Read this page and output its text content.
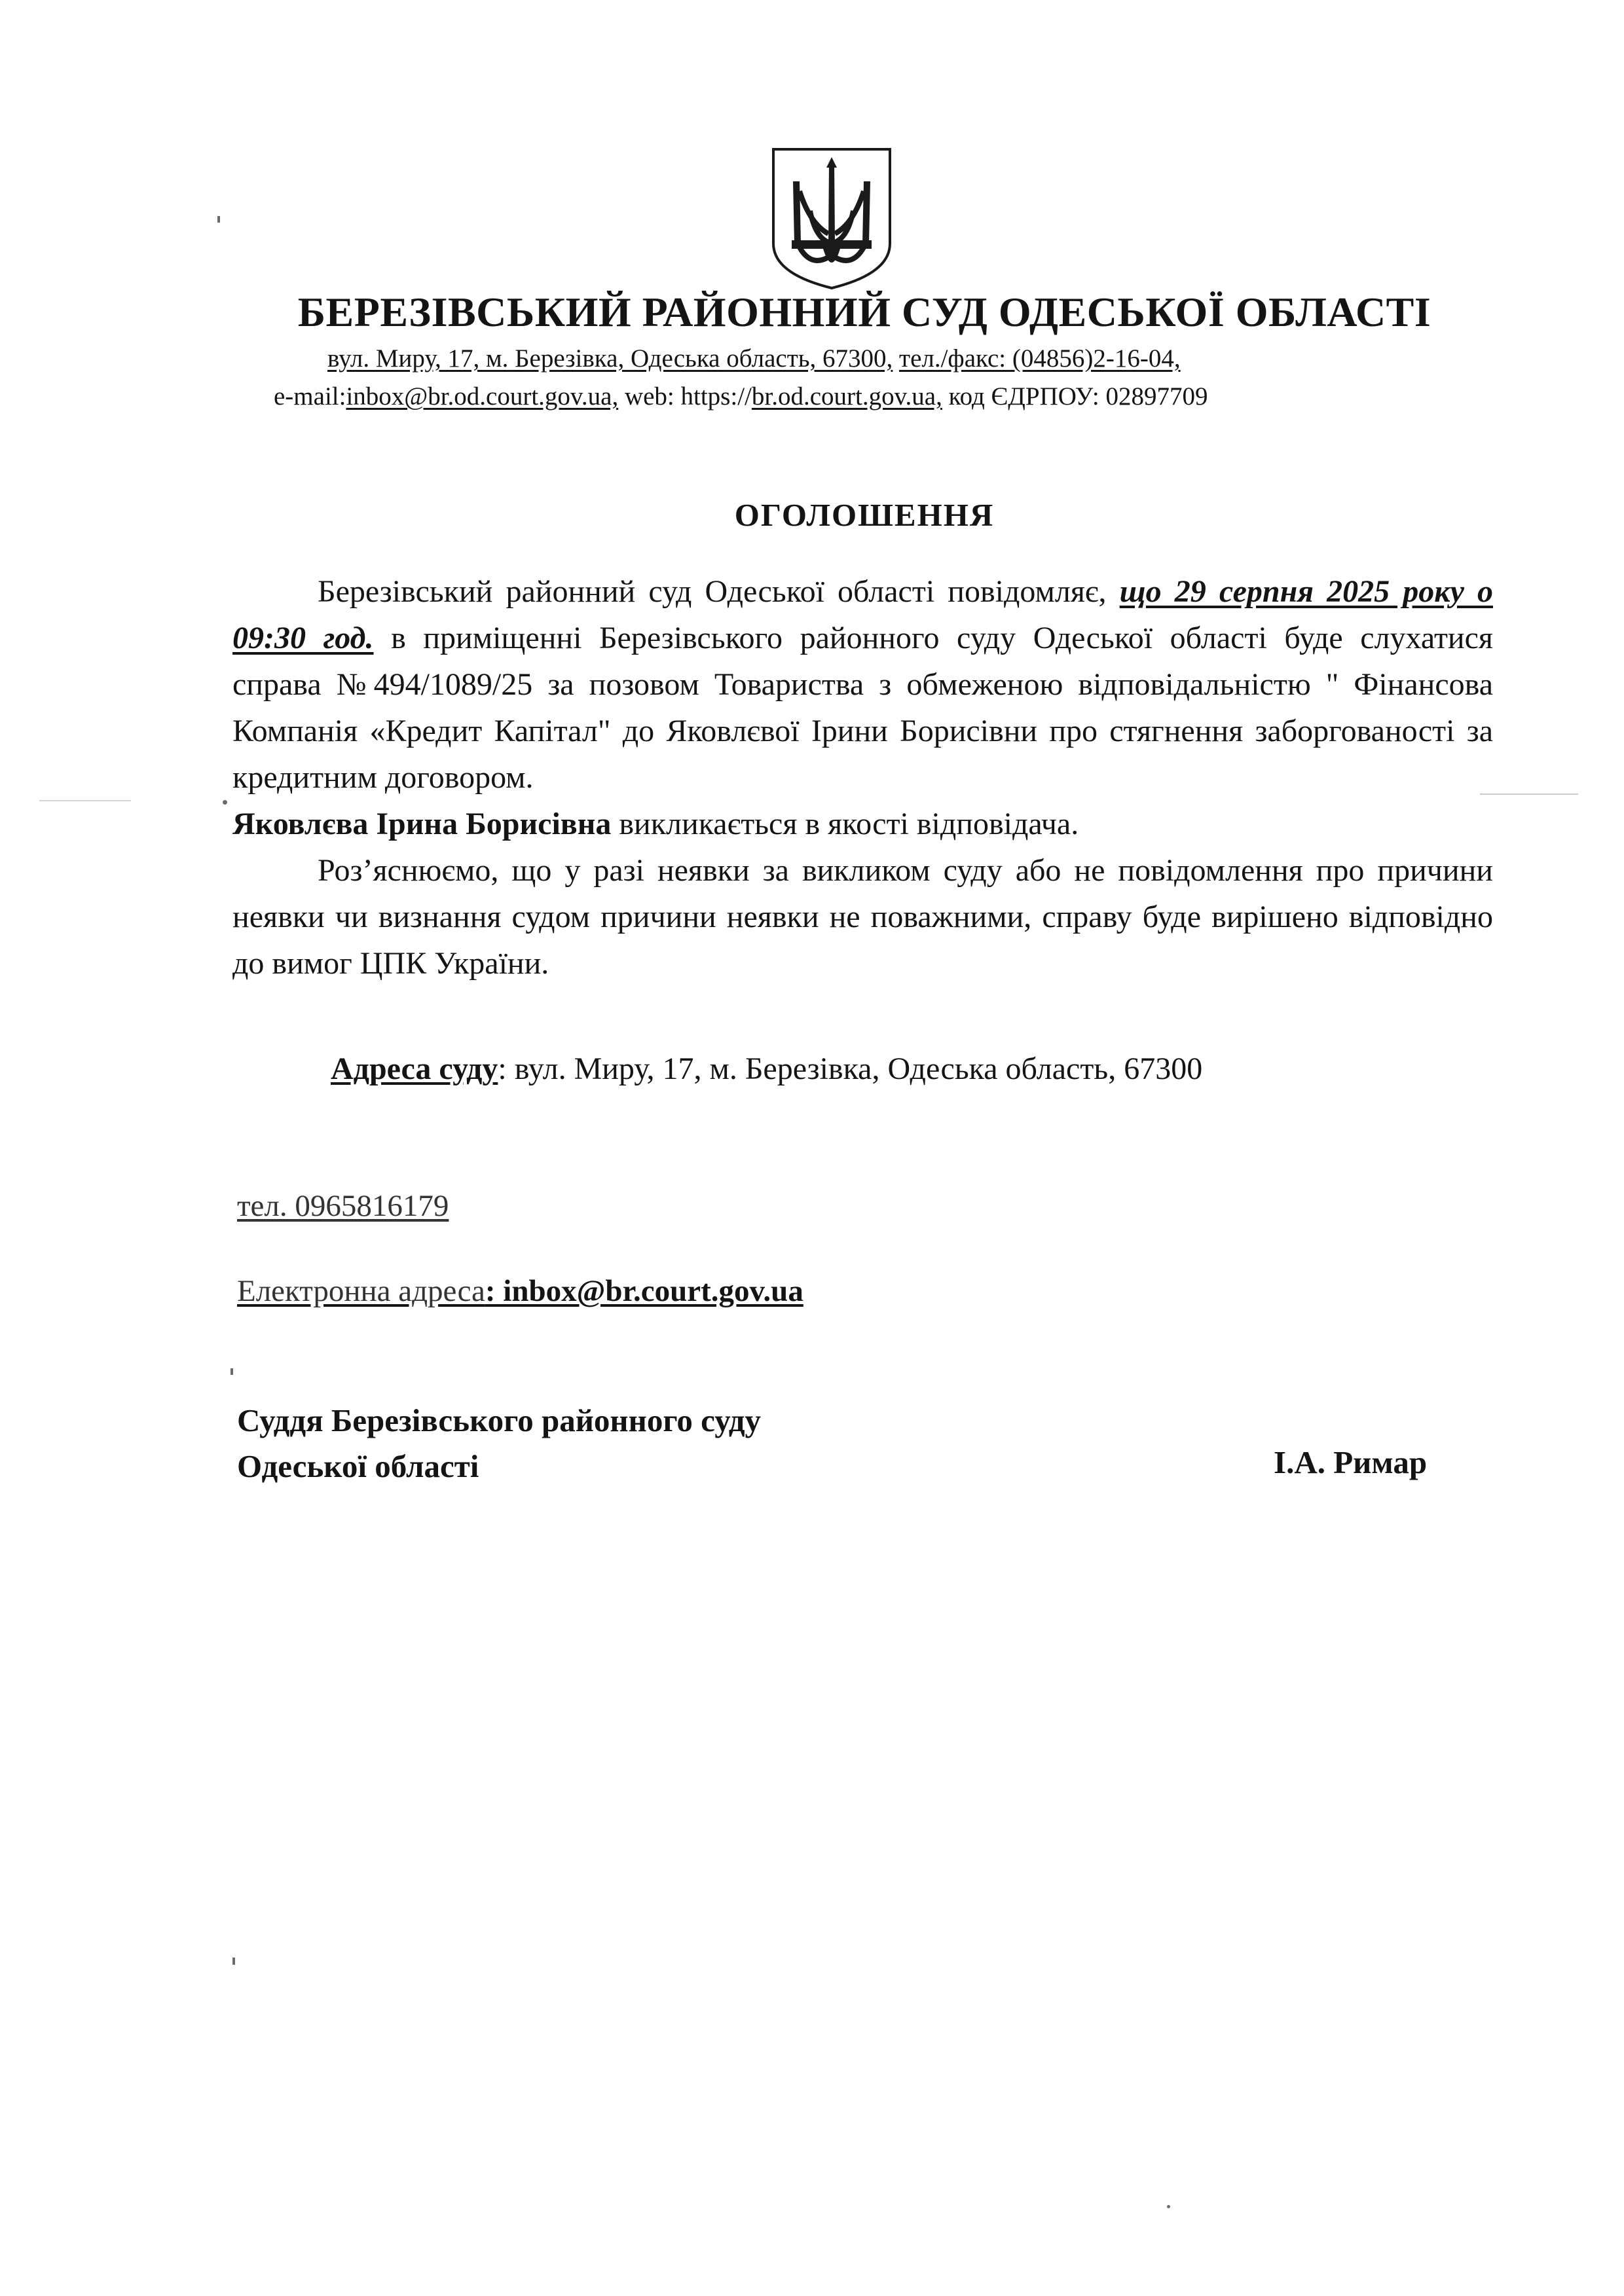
БЕРЕЗІВСЬКИЙ РАЙОННИЙ СУД ОДЕСЬКОЇ ОБЛАСТІ
вул. Миру, 17, м. Березівка, Одеська область, 67300, тел./факс: (04856)2-16-04,
e-mail:inbox@br.od.court.gov.ua, web: https://br.od.court.gov.ua, код ЄДРПОУ: 02897709
ОГОЛОШЕННЯ

Березівський районний суд Одеської області повідомляє, що 29 серпня 2025 року о 09:30 год. в приміщенні Березівського районного суду Одеської області буде слухатися справа №494/1089/25 за позовом Товариства з обмеженою відповідальністю " Фінансова Компанія «Кредит Капітал" до Яковлєвої Ірини Борисівни про стягнення заборгованості за кредитним договором.

Яковлєва Ірина Борисівна викликається в якості відповідача.

Роз’яснюємо, що у разі неявки за викликом суду або не повідомлення про причини неявки чи визнання судом причини неявки не поважними, справу буде вирішено відповідно до вимог ЦПК України.

Адреса суду: вул. Миру, 17, м. Березівка, Одеська область, 67300
тел. 0965816179
Електронна адреса: inbox@br.court.gov.ua
Суддя Березівського районного суду
Одеської області	І.А. Римар
